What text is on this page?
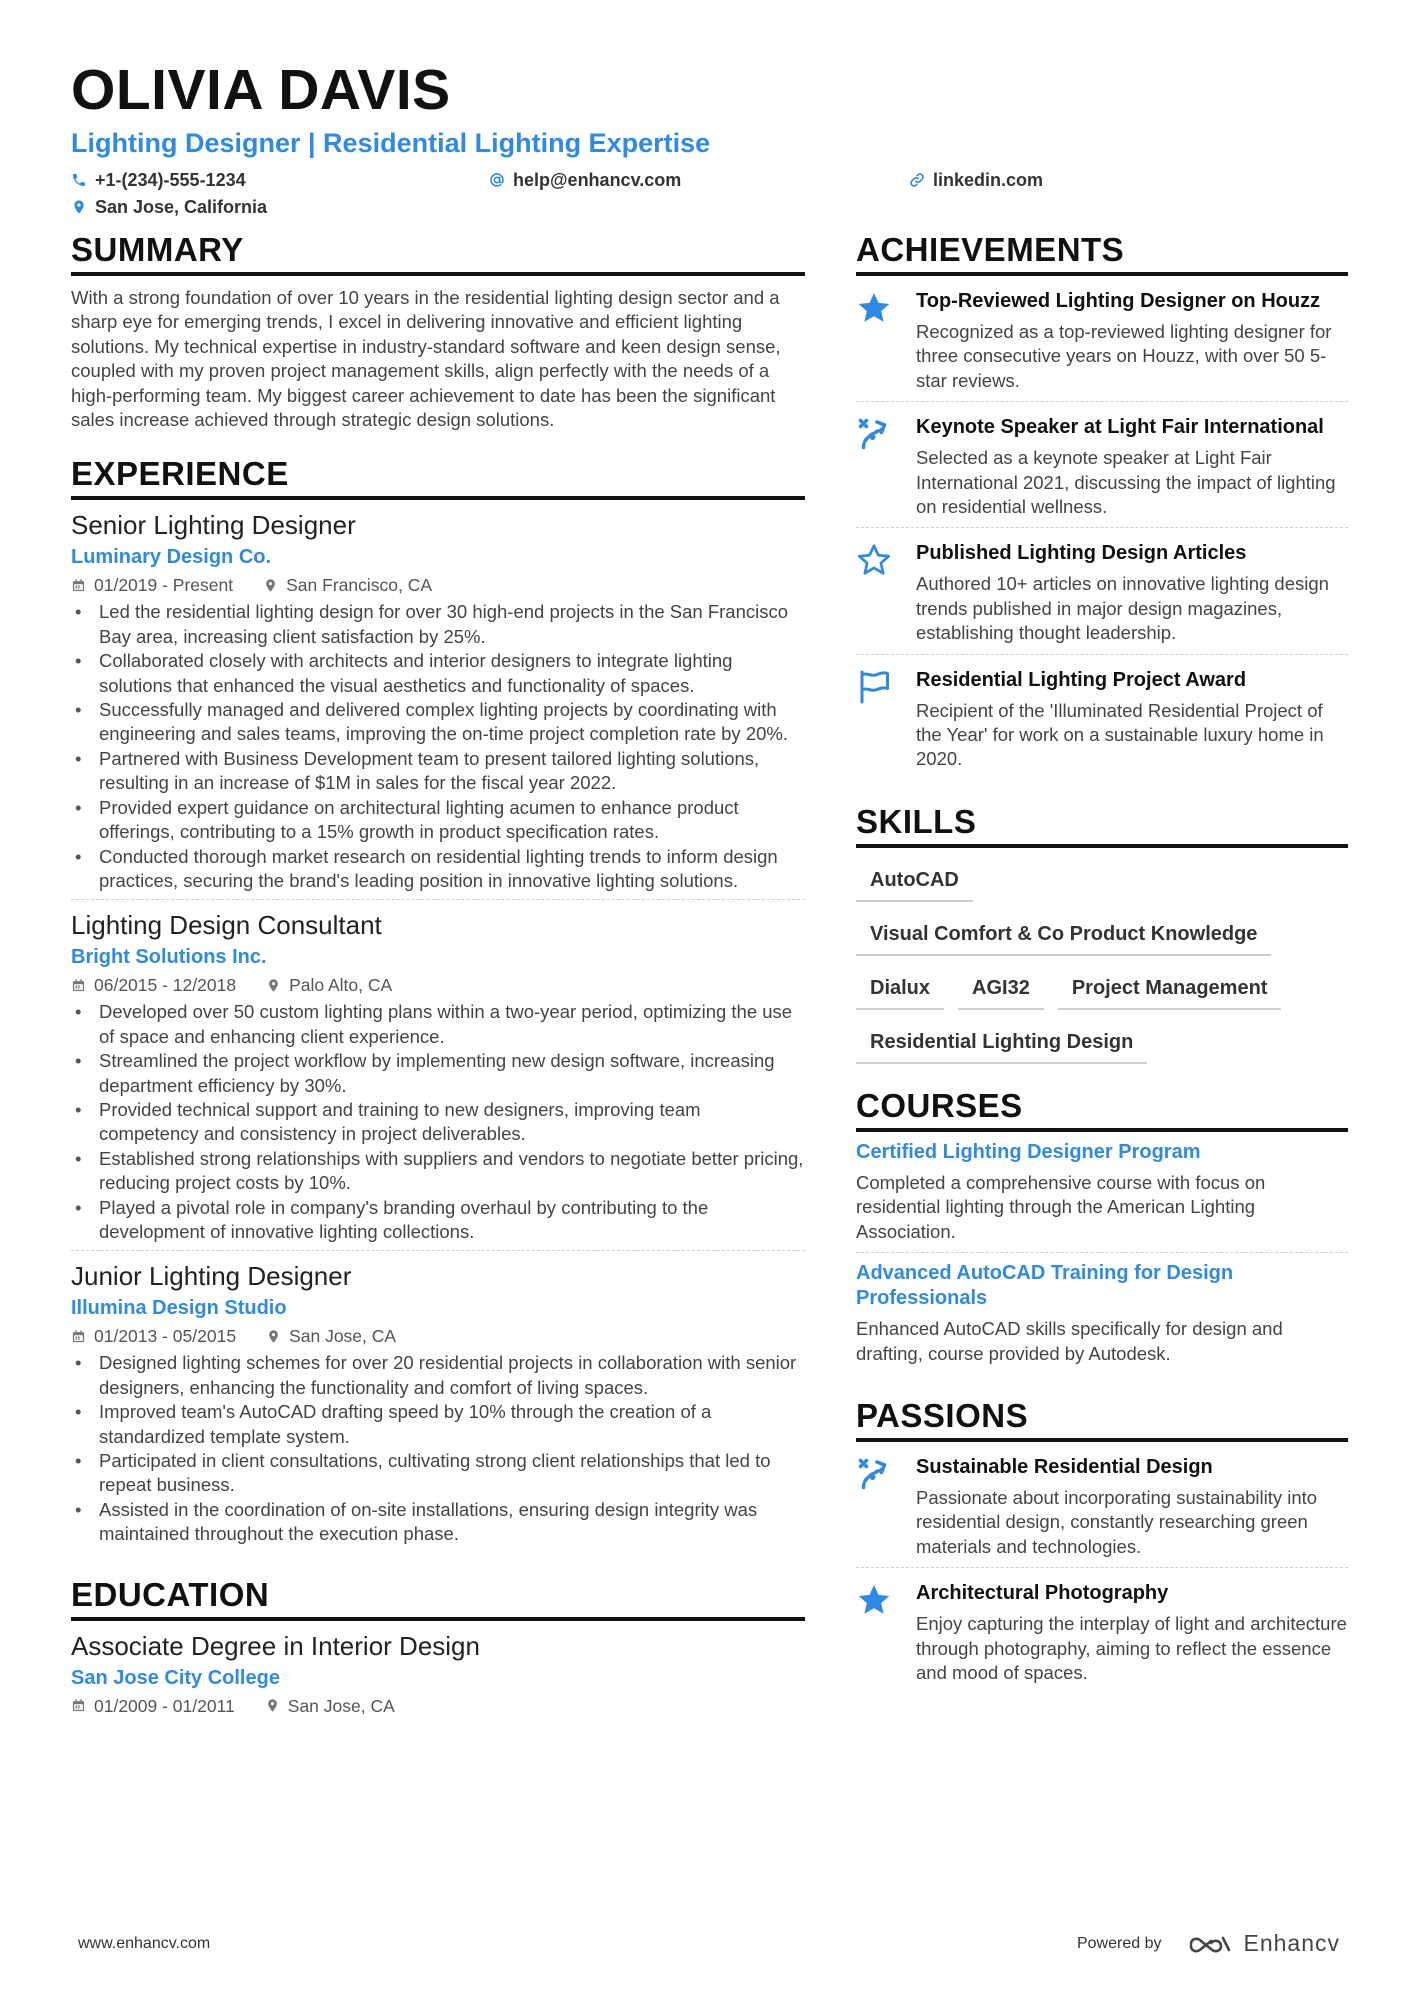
OLIVIA DAVIS
Lighting Designer | Residential Lighting Expertise
+1-(234)-555-1234	help@enhancv.com	linkedin.com
San Jose, California
SUMMARY
With a strong foundation of over 10 years in the residential lighting design sector and a sharp eye for emerging trends, I excel in delivering innovative and efficient lighting solutions. My technical expertise in industry-standard software and keen design sense, coupled with my proven project management skills, align perfectly with the needs of a high-performing team. My biggest career achievement to date has been the significant sales increase achieved through strategic design solutions.
EXPERIENCE
Senior Lighting Designer
Luminary Design Co.
01/2019 - Present	San Francisco, CA
• Led the residential lighting design for over 30 high-end projects in the San Francisco Bay area, increasing client satisfaction by 25%.
• Collaborated closely with architects and interior designers to integrate lighting solutions that enhanced the visual aesthetics and functionality of spaces.
• Successfully managed and delivered complex lighting projects by coordinating with engineering and sales teams, improving the on-time project completion rate by 20%.
• Partnered with Business Development team to present tailored lighting solutions, resulting in an increase of $1M in sales for the fiscal year 2022.
• Provided expert guidance on architectural lighting acumen to enhance product offerings, contributing to a 15% growth in product specification rates.
• Conducted thorough market research on residential lighting trends to inform design practices, securing the brand's leading position in innovative lighting solutions.
Lighting Design Consultant
Bright Solutions Inc.
06/2015 - 12/2018	Palo Alto, CA
• Developed over 50 custom lighting plans within a two-year period, optimizing the use of space and enhancing client experience.
• Streamlined the project workflow by implementing new design software, increasing department efficiency by 30%.
• Provided technical support and training to new designers, improving team competency and consistency in project deliverables.
• Established strong relationships with suppliers and vendors to negotiate better pricing, reducing project costs by 10%.
• Played a pivotal role in company's branding overhaul by contributing to the development of innovative lighting collections.
Junior Lighting Designer
Illumina Design Studio
01/2013 - 05/2015	San Jose, CA
• Designed lighting schemes for over 20 residential projects in collaboration with senior designers, enhancing the functionality and comfort of living spaces.
• Improved team's AutoCAD drafting speed by 10% through the creation of a standardized template system.
• Participated in client consultations, cultivating strong client relationships that led to repeat business.
• Assisted in the coordination of on-site installations, ensuring design integrity was maintained throughout the execution phase.
EDUCATION
Associate Degree in Interior Design
San Jose City College
01/2009 - 01/2011	San Jose, CA
ACHIEVEMENTS
Top-Reviewed Lighting Designer on Houzz
Recognized as a top-reviewed lighting designer for three consecutive years on Houzz, with over 50 5-star reviews.
Keynote Speaker at Light Fair International
Selected as a keynote speaker at Light Fair International 2021, discussing the impact of lighting on residential wellness.
Published Lighting Design Articles
Authored 10+ articles on innovative lighting design trends published in major design magazines, establishing thought leadership.
Residential Lighting Project Award
Recipient of the 'Illuminated Residential Project of the Year' for work on a sustainable luxury home in 2020.
SKILLS
AutoCAD
Visual Comfort & Co Product Knowledge
Dialux	AGI32	Project Management
Residential Lighting Design
COURSES
Certified Lighting Designer Program
Completed a comprehensive course with focus on residential lighting through the American Lighting Association.
Advanced AutoCAD Training for Design Professionals
Enhanced AutoCAD skills specifically for design and drafting, course provided by Autodesk.
PASSIONS
Sustainable Residential Design
Passionate about incorporating sustainability into residential design, constantly researching green materials and technologies.
Architectural Photography
Enjoy capturing the interplay of light and architecture through photography, aiming to reflect the essence and mood of spaces.
www.enhancv.com	Powered by	Enhancv
